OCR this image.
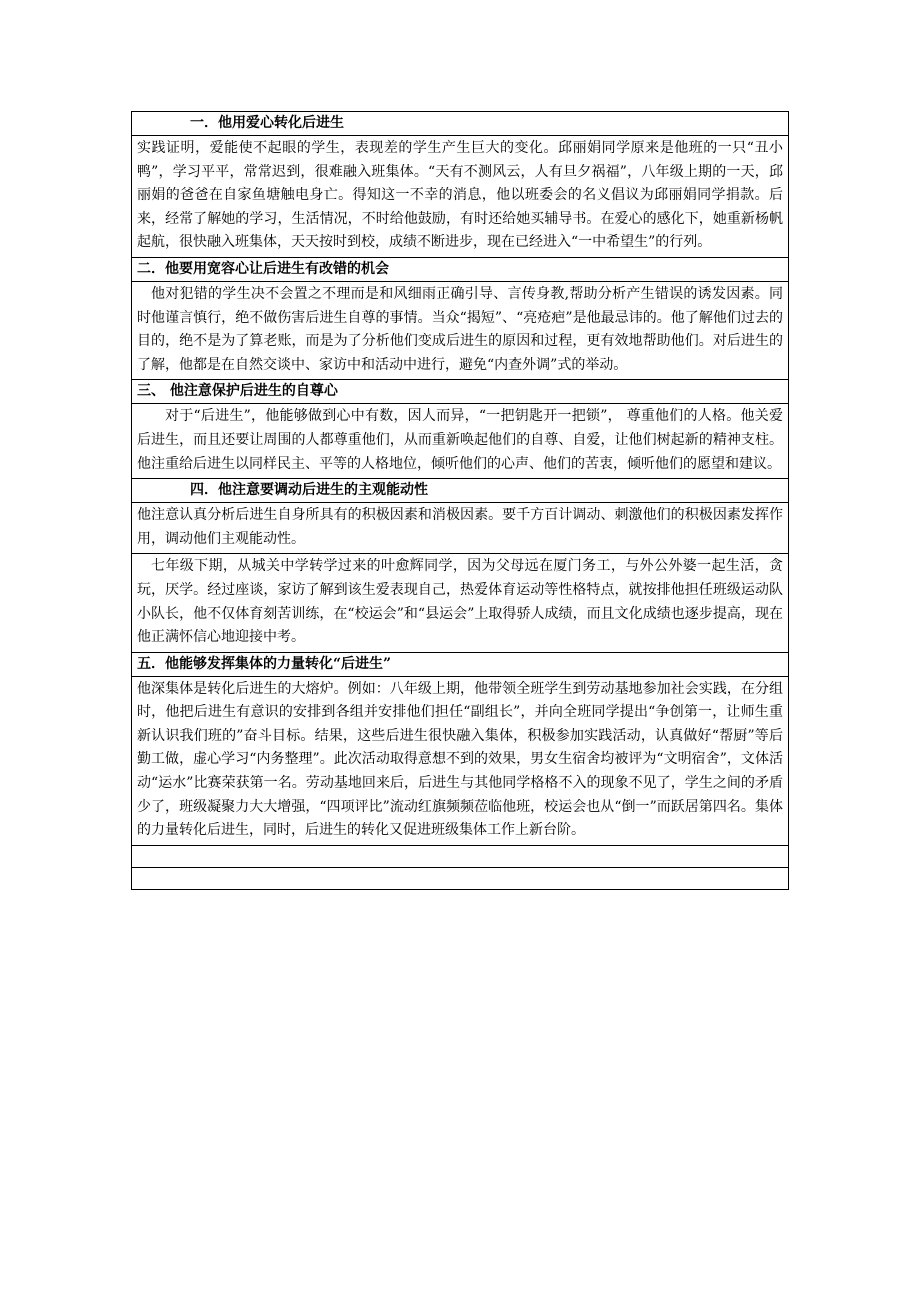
一．他用爱心转化后进生
实践证明，爱能使不起眼的学生，表现差的学生产生巨大的变化。邱丽娟同学原来是他班的一只“丑小鸭”，学习平平，常常迟到，很难融入班集体。“天有不测风云，人有旦夕祸福”，八年级上期的一天，邱丽娟的爸爸在自家鱼塘触电身亡。得知这一不幸的消息，他以班委会的名义倡议为邱丽娟同学捐款。后来，经常了解她的学习，生活情况，不时给他鼓励，有时还给她买辅导书。在爱心的感化下，她重新杨帆起航，很快融入班集体，天天按时到校，成绩不断进步，现在已经进入“一中希望生”的行列。
二．他要用宽容心让后进生有改错的机会
他对犯错的学生决不会置之不理而是和风细雨正确引导、言传身教,帮助分析产生错误的诱发因素。同时他谨言慎行，绝不做伤害后进生自尊的事情。当众“揭短”、“亮疮疤”是他最忌讳的。他了解他们过去的目的，绝不是为了算老账，而是为了分析他们变成后进生的原因和过程，更有效地帮助他们。对后进生的了解，他都是在自然交谈中、家访中和活动中进行，避免“内查外调”式的举动。
三、 他注意保护后进生的自尊心
对于“后进生”，他能够做到心中有数，因人而异，“一把钥匙开一把锁”， 尊重他们的人格。他关爱后进生，而且还要让周围的人都尊重他们，从而重新唤起他们的自尊、自爱，让他们树起新的精神支柱。他注重给后进生以同样民主、平等的人格地位，倾听他们的心声、他们的苦衷，倾听他们的愿望和建议。
四．他注意要调动后进生的主观能动性
他注意认真分析后进生自身所具有的积极因素和消极因素。要千方百计调动、刺激他们的积极因素发挥作用，调动他们主观能动性。
七年级下期，从城关中学转学过来的叶愈辉同学，因为父母远在厦门务工，与外公外婆一起生活，贪玩，厌学。经过座谈，家访了解到该生爱表现自己，热爱体育运动等性格特点，就按排他担任班级运动队小队长，他不仅体育刻苦训练，在“校运会”和“县运会”上取得骄人成绩，而且文化成绩也逐步提高，现在他正满怀信心地迎接中考。
五．他能够发挥集体的力量转化“后进生”
他深集体是转化后进生的大熔炉。例如：八年级上期，他带领全班学生到劳动基地参加社会实践，在分组时，他把后进生有意识的安排到各组并安排他们担任“副组长”，并向全班同学提出“争创第一，让师生重新认识我们班的”奋斗目标。结果，这些后进生很快融入集体，积极参加实践活动，认真做好“帮厨”等后勤工做，虚心学习“内务整理”。此次活动取得意想不到的效果，男女生宿舍均被评为“文明宿舍”，文体活动“运水”比赛荣获第一名。劳动基地回来后，后进生与其他同学格格不入的现象不见了，学生之间的矛盾少了，班级凝聚力大大增强，“四项评比”流动红旗频频莅临他班，校运会也从“倒一”而跃居第四名。集体的力量转化后进生，同时，后进生的转化又促进班级集体工作上新台阶。
